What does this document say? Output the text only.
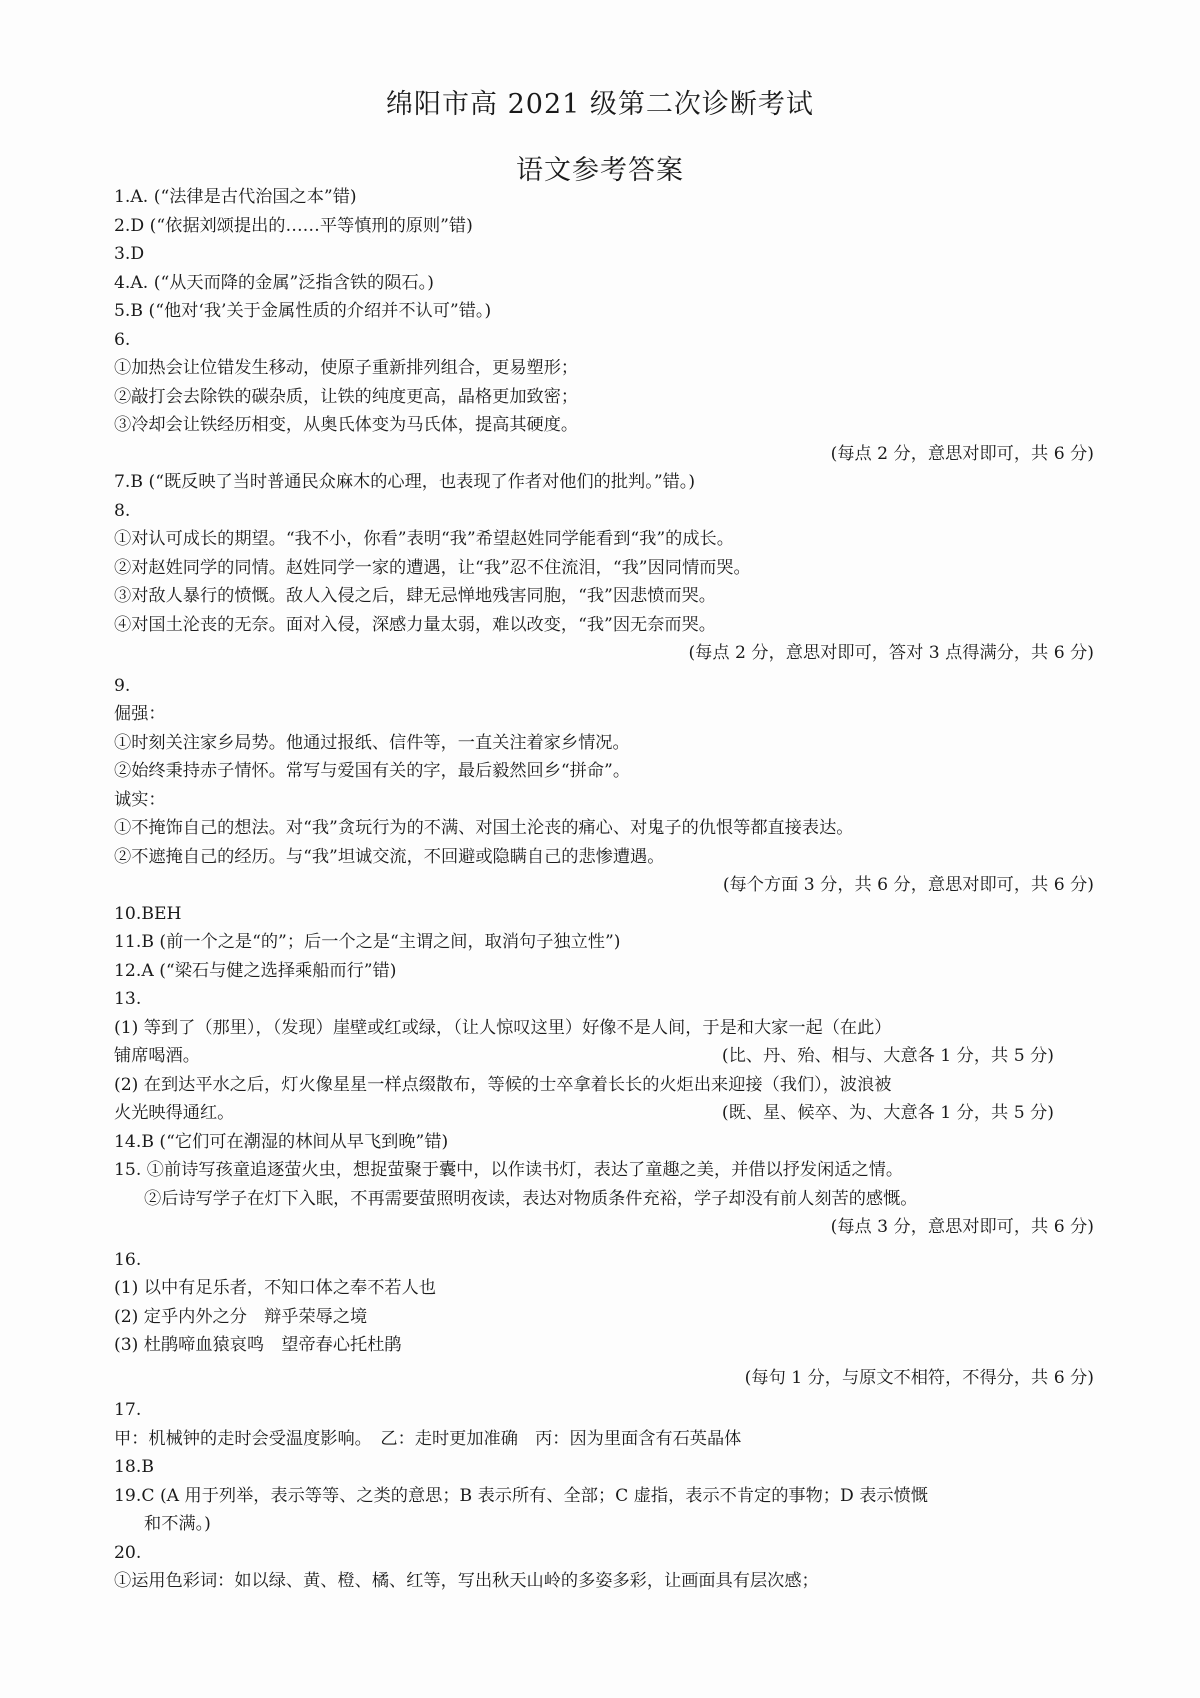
绵阳市高 2021 级第二次诊断考试
语文参考答案
1.A. (“法律是古代治国之本”错)
2.D (“依据刘颂提出的……平等慎刑的原则”错)
3.D
4.A. (“从天而降的金属”泛指含铁的陨石。)
5.B (“他对‘我’关于金属性质的介绍并不认可”错。)
6.
①加热会让位错发生移动，使原子重新排列组合，更易塑形；
②敲打会去除铁的碳杂质，让铁的纯度更高，晶格更加致密；
③冷却会让铁经历相变，从奥氏体变为马氏体，提高其硬度。
(每点 2 分，意思对即可，共 6 分)
7.B (“既反映了当时普通民众麻木的心理，也表现了作者对他们的批判。”错。)
8.
①对认可成长的期望。“我不小，你看”表明“我”希望赵姓同学能看到“我”的成长。
②对赵姓同学的同情。赵姓同学一家的遭遇，让“我”忍不住流泪，“我”因同情而哭。
③对敌人暴行的愤慨。敌人入侵之后，肆无忌惮地残害同胞，“我”因悲愤而哭。
④对国土沦丧的无奈。面对入侵，深感力量太弱，难以改变，“我”因无奈而哭。
(每点 2 分，意思对即可，答对 3 点得满分，共 6 分)
9.
倔强：
①时刻关注家乡局势。他通过报纸、信件等，一直关注着家乡情况。
②始终秉持赤子情怀。常写与爱国有关的字，最后毅然回乡“拼命”。
诚实：
①不掩饰自己的想法。对“我”贪玩行为的不满、对国土沦丧的痛心、对鬼子的仇恨等都直接表达。
②不遮掩自己的经历。与“我”坦诚交流，不回避或隐瞒自己的悲惨遭遇。
(每个方面 3 分，共 6 分，意思对即可，共 6 分)
10.BEH
11.B (前一个之是“的”；后一个之是“主谓之间，取消句子独立性”)
12.A (“梁石与健之选择乘船而行”错)
13.
(1) 等到了（那里），（发现）崖壁或红或绿，（让人惊叹这里）好像不是人间，于是和大家一起（在此）
铺席喝酒。	(比、丹、殆、相与、大意各 1 分，共 5 分)
(2) 在到达平水之后，灯火像星星一样点缀散布，等候的士卒拿着长长的火炬出来迎接（我们），波浪被
火光映得通红。	(既、星、候卒、为、大意各 1 分，共 5 分)
14.B (“它们可在潮湿的林间从早飞到晚”错)
15. ①前诗写孩童追逐萤火虫，想捉萤聚于囊中，以作读书灯，表达了童趣之美，并借以抒发闲适之情。
②后诗写学子在灯下入眠，不再需要萤照明夜读，表达对物质条件充裕，学子却没有前人刻苦的感慨。
(每点 3 分，意思对即可，共 6 分)
16.
(1) 以中有足乐者，不知口体之奉不若人也
(2) 定乎内外之分　辩乎荣辱之境
(3) 杜鹃啼血猿哀鸣　望帝春心托杜鹃
(每句 1 分，与原文不相符，不得分，共 6 分)
17.
甲：机械钟的走时会受温度影响。　乙：走时更加准确　丙：因为里面含有石英晶体
18.B
19.C (A 用于列举，表示等等、之类的意思；B 表示所有、全部；C 虚指，表示不肯定的事物；D 表示愤慨
和不满。)
20.
①运用色彩词：如以绿、黄、橙、橘、红等，写出秋天山岭的多姿多彩，让画面具有层次感；
